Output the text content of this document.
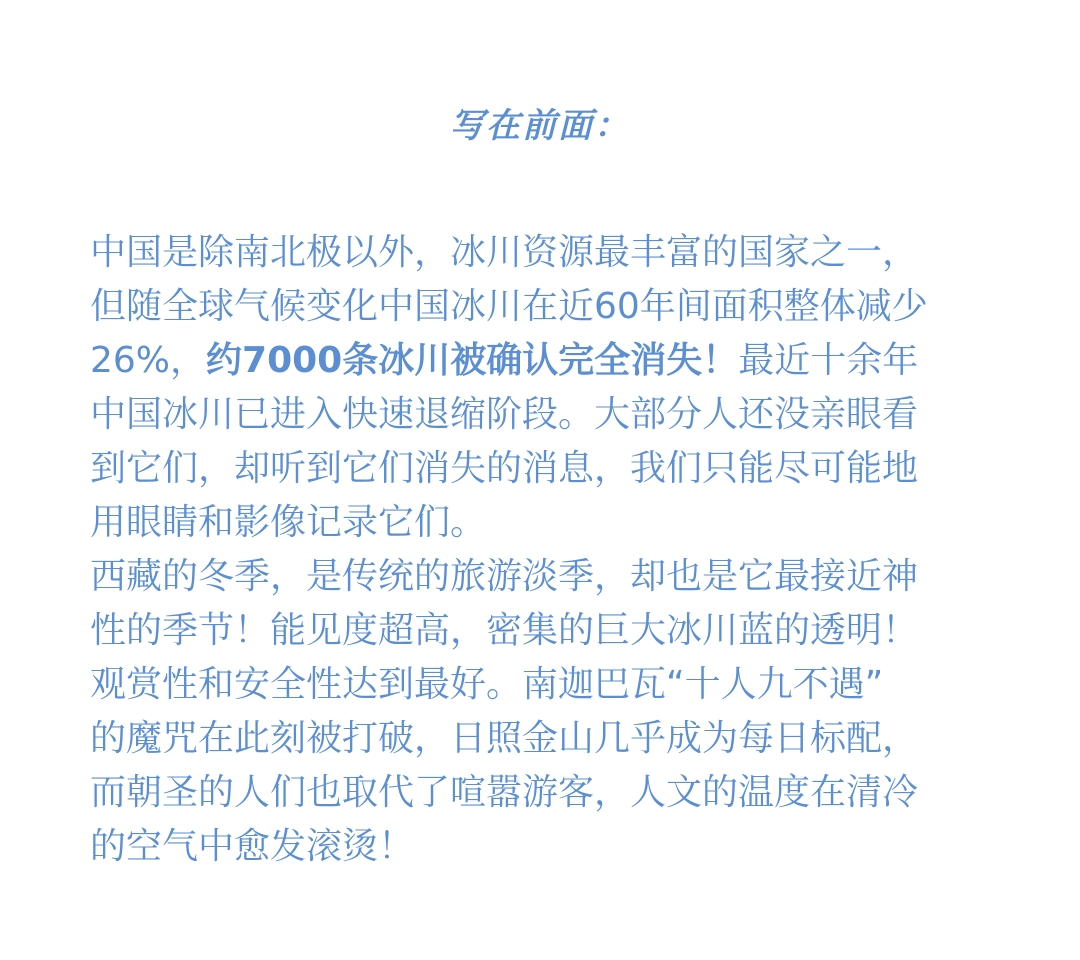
写在前面：
中国是除南北极以外，冰川资源最丰富的国家之一，
但随全球气候变化中国冰川在近60年间面积整体减少
26%，约7000条冰川被确认完全消失！最近十余年
中国冰川已进入快速退缩阶段。大部分人还没亲眼看
到它们，却听到它们消失的消息，我们只能尽可能地
用眼睛和影像记录它们。
西藏的冬季，是传统的旅游淡季，却也是它最接近神
性的季节！能见度超高，密集的巨大冰川蓝的透明！
观赏性和安全性达到最好。南迦巴瓦“十人九不遇”
的魔咒在此刻被打破，日照金山几乎成为每日标配，
而朝圣的人们也取代了喧嚣游客，人文的温度在清冷
的空气中愈发滚烫！
